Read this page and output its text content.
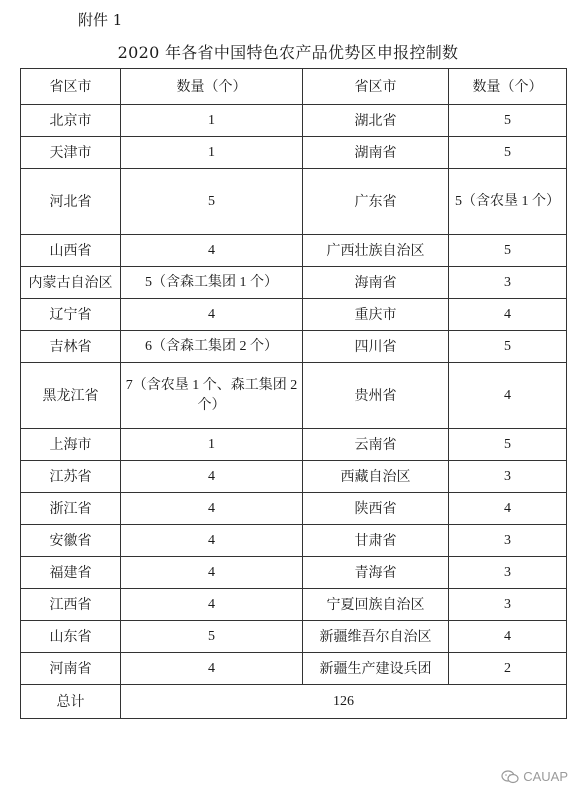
附件 1
2020 年各省中国特色农产品优势区申报控制数
省区市	数量（个）	省区市	数量（个）
北京市	1	湖北省	5
天津市	1	湖南省	5
河北省	5	广东省	5（含农垦 1 个）
山西省	4	广西壮族自治区	5
内蒙古自治区	5（含森工集团 1 个）	海南省	3
辽宁省	4	重庆市	4
吉林省	6（含森工集团 2 个）	四川省	5
黑龙江省	7（含农垦 1 个、森工集团 2 个）	贵州省	4
上海市	1	云南省	5
江苏省	4	西藏自治区	3
浙江省	4	陕西省	4
安徽省	4	甘肃省	3
福建省	4	青海省	3
江西省	4	宁夏回族自治区	3
山东省	5	新疆维吾尔自治区	4
河南省	4	新疆生产建设兵团	2
总计	126		
CAUAP
